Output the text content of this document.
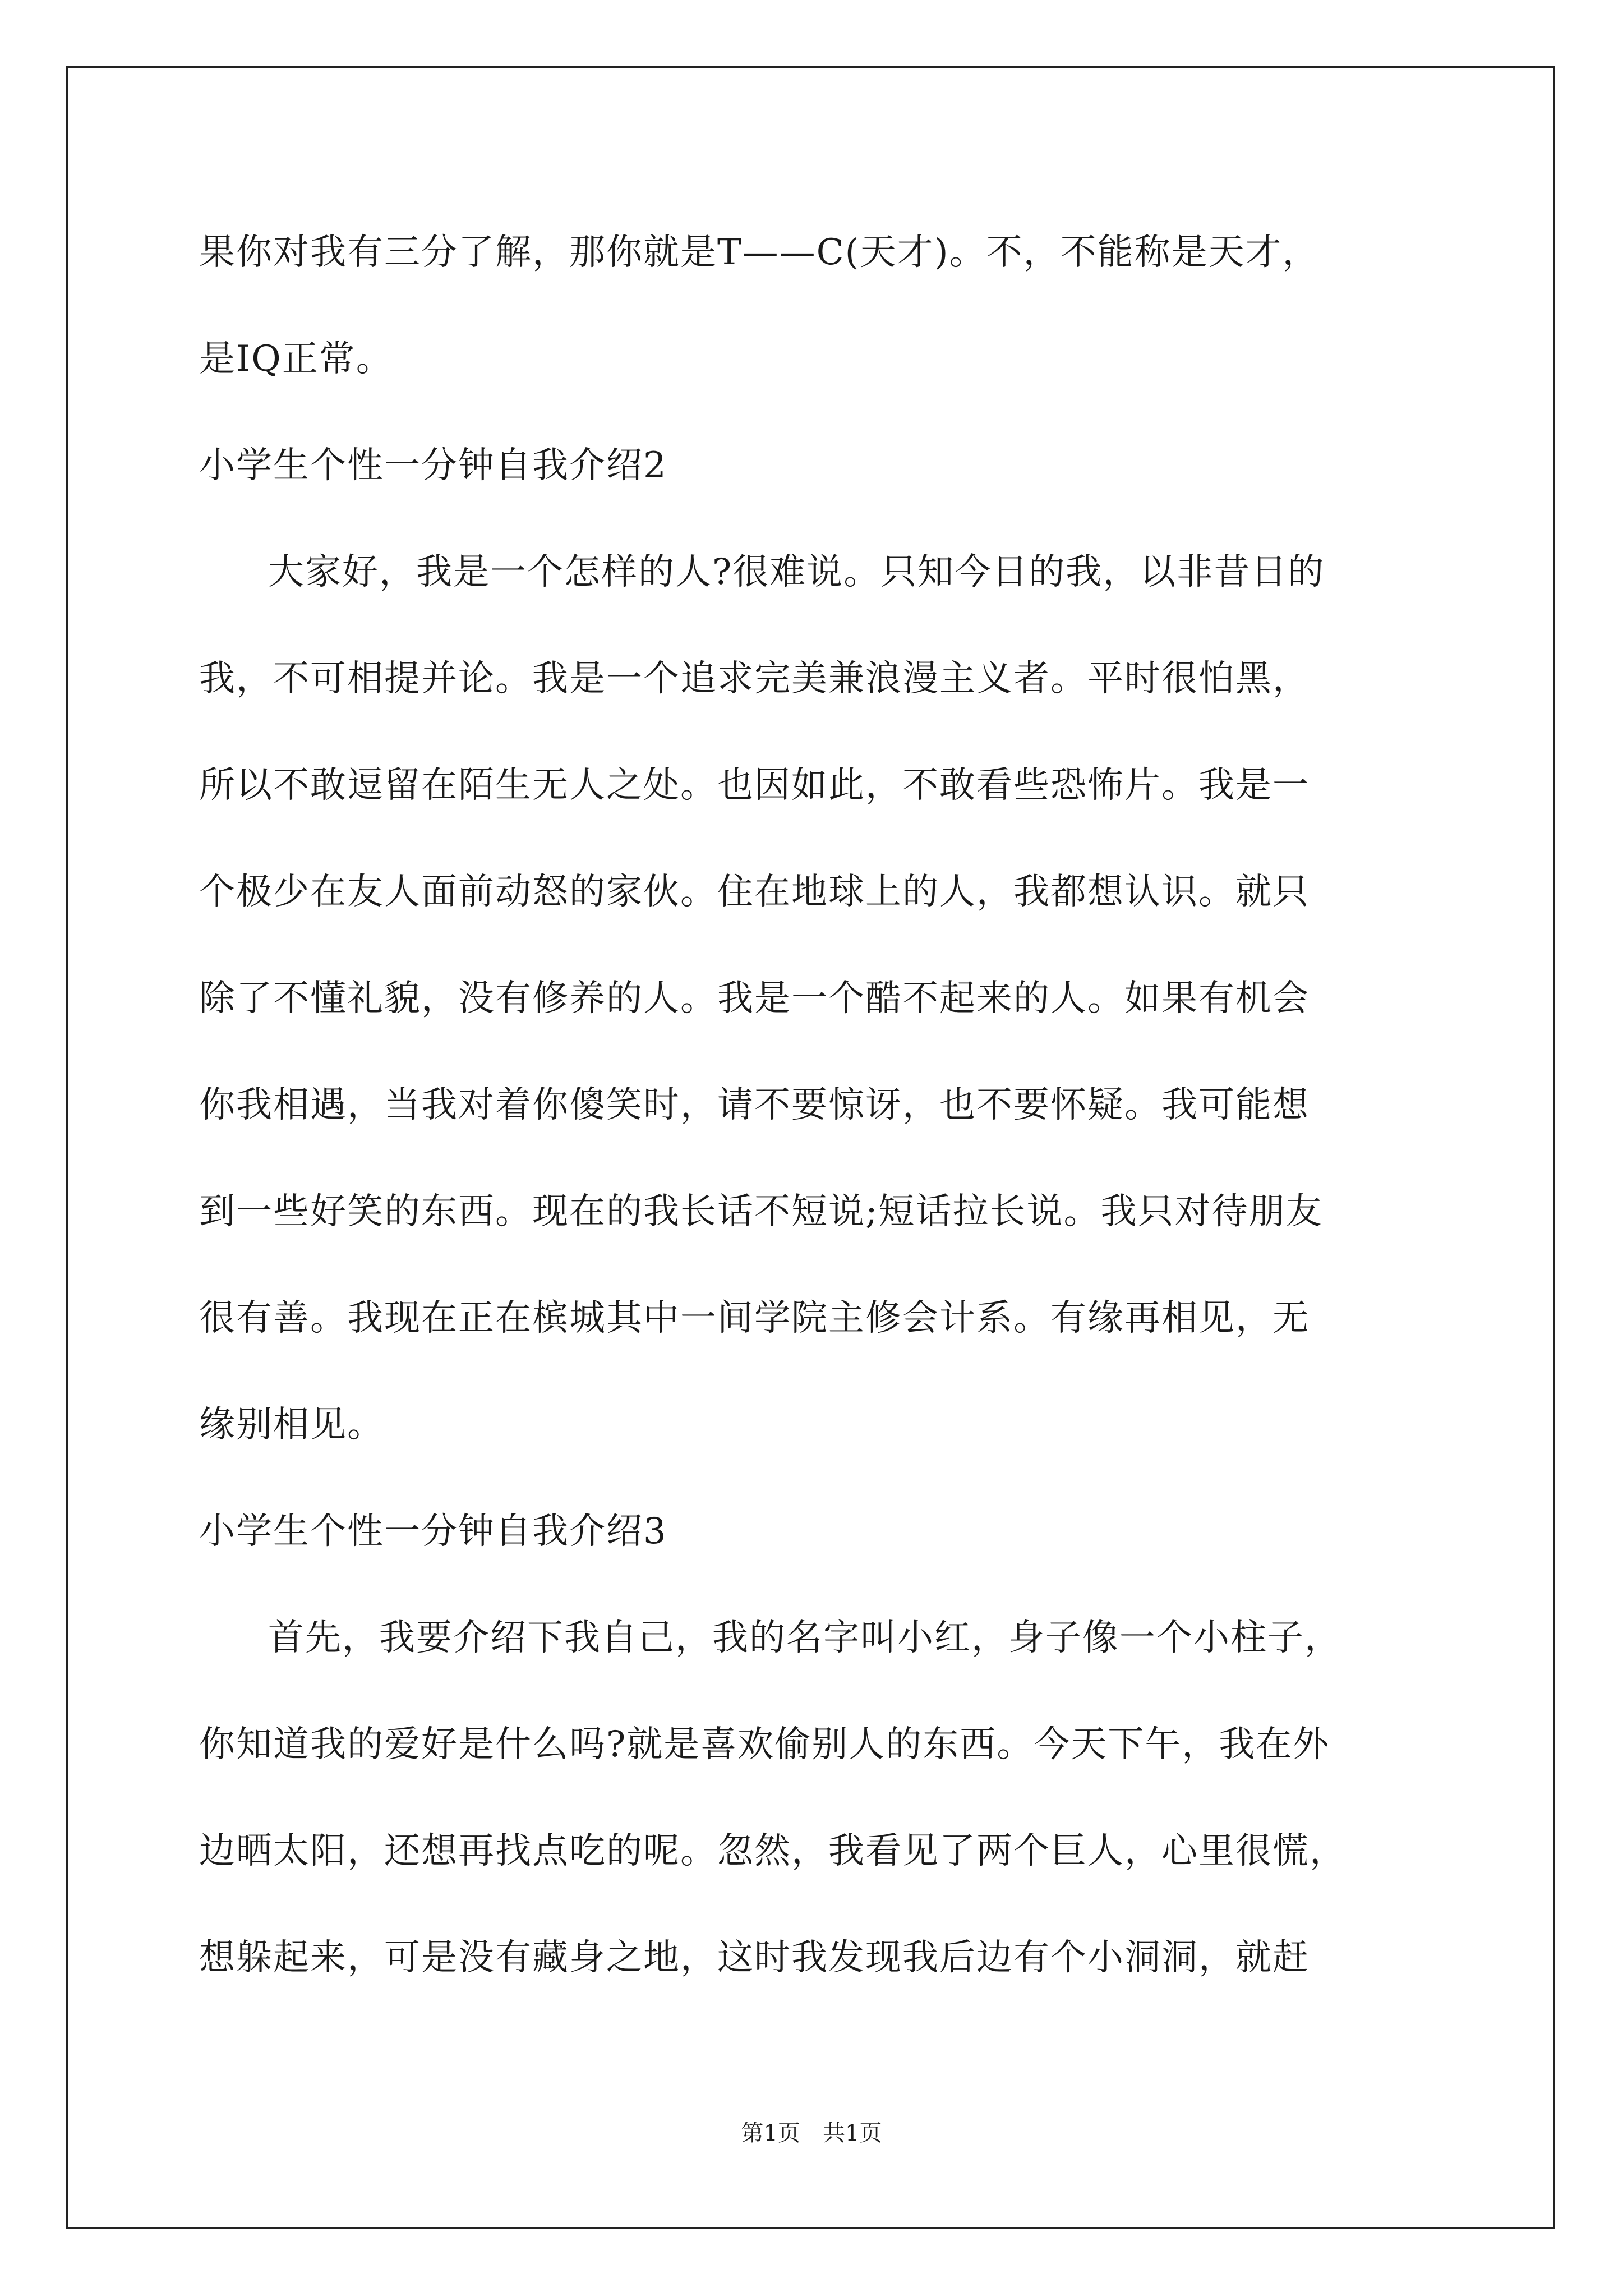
果你对我有三分了解，那你就是T——C(天才)。不，不能称是天才，
是IQ正常。
小学生个性一分钟自我介绍2
大家好，我是一个怎样的人?很难说。只知今日的我，以非昔日的
我，不可相提并论。我是一个追求完美兼浪漫主义者。平时很怕黑，
所以不敢逗留在陌生无人之处。也因如此，不敢看些恐怖片。我是一
个极少在友人面前动怒的家伙。住在地球上的人，我都想认识。就只
除了不懂礼貌，没有修养的人。我是一个酷不起来的人。如果有机会
你我相遇，当我对着你傻笑时，请不要惊讶，也不要怀疑。我可能想
到一些好笑的东西。现在的我长话不短说;短话拉长说。我只对待朋友
很有善。我现在正在槟城其中一间学院主修会计系。有缘再相见，无
缘别相见。
小学生个性一分钟自我介绍3
首先，我要介绍下我自己，我的名字叫小红，身子像一个小柱子，
你知道我的爱好是什么吗?就是喜欢偷别人的东西。今天下午，我在外
边晒太阳，还想再找点吃的呢。忽然，我看见了两个巨人，心里很慌，
想躲起来，可是没有藏身之地，这时我发现我后边有个小洞洞，就赶
第1页　共1页
